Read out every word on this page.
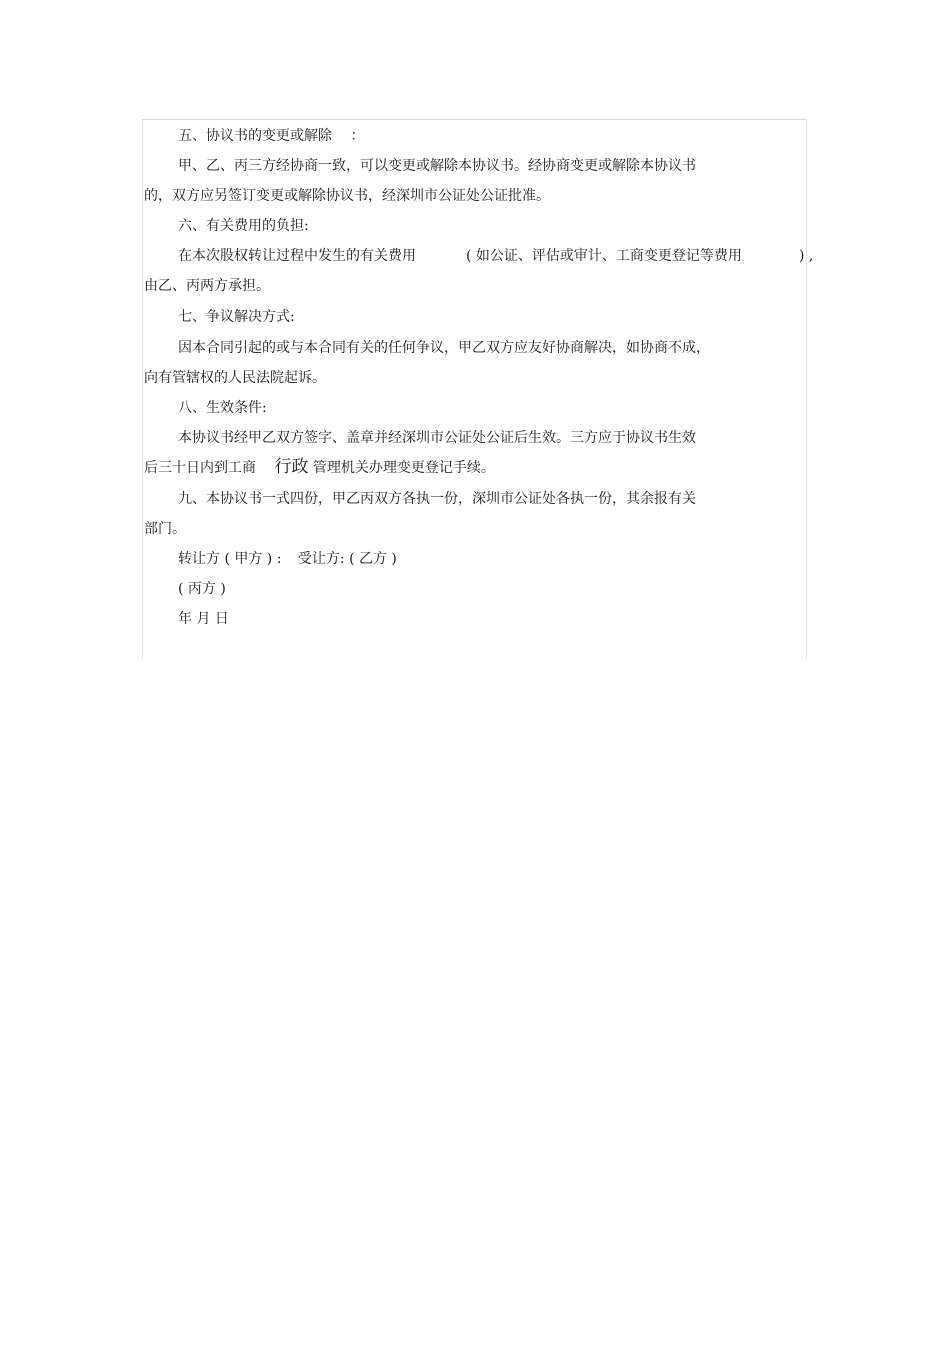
五、协议书的变更或解除 ：
甲、乙、丙三方经协商一致，可以变更或解除本协议书。经协商变更或解除本协议书
的，双方应另签订变更或解除协议书，经深圳市公证处公证批准。
六、有关费用的负担:
在本次股权转让过程中发生的有关费用	( 如公证、评估或审计、工商变更登记等费用	) ,
由乙、丙两方承担。
七、争议解决方式:
因本合同引起的或与本合同有关的任何争议，甲乙双方应友好协商解决，如协商不成，
向有管辖权的人民法院起诉。
八、生效条件:
本协议书经甲乙双方签字、盖章并经深圳市公证处公证后生效。三方应于协议书生效
后三十日内到工商 行政 管理机关办理变更登记手续。
九、本协议书一式四份，甲乙丙双方各执一份，深圳市公证处各执一份，其余报有关
部门。
转让方 ( 甲方 ) : 受让方: ( 乙方 )
( 丙方 )
年 月 日
